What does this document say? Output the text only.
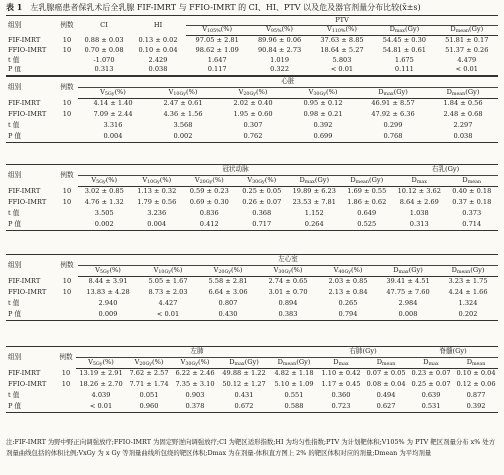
表 1 左乳腺癌患者保乳术后全乳腺 FIF-IMRT 与 FFIO-IMRT 的 CI、HI、PTV 以及危及器官剂量分布比较(x̄±s)
组别	例数	CI	HI	PTV				
				$V_{105\%}(\%)$	$V_{95\%}(\%)$	$V_{110\%}(\%)$	$D_{max}(Gy)$	$D_{mean}(Gy)$
FIF-IMRT	10	0.88 ± 0.03	0.13 ± 0.02	97.05 ± 2.81	89.96 ± 0.06	37.63 ± 8.85	54.45 ± 0.30	51.81 ± 0.17
FFIO-IMRT	10	0.70 ± 0.08	0.10 ± 0.04	98.62 ± 1.09	90.84 ± 2.73	18.64 ± 5.27	54.81 ± 0.61	51.37 ± 0.26
t 值		-1.070	2.429	1.647	1.019	5.803	1.675	4.479
P 值		0.313	0.038	0.117	0.322	< 0.01	0.111	< 0.01
组别	例数	心脏					
		$V_{5Gy}(\%)$	$V_{10Gy}(\%)$	$V_{20Gy}(\%)$	$V_{30Gy}(\%)$	$D_{max}(Gy)$	$D_{mean}(Gy)$
FIF-IMRT	10	4.14 ± 1.40	2.47 ± 0.61	2.02 ± 0.40	0.95 ± 0.12	46.91 ± 8.57	1.84 ± 0.56
FFIO-IMRT	10	7.09 ± 2.44	4.36 ± 1.56	1.95 ± 0.60	0.98 ± 0.21	47.92 ± 6.36	2.48 ± 0.68
t 值		3.316	3.568	0.307	0.392	0.299	2.297
P 值		0.004	0.002	0.762	0.699	0.768	0.038
组别	例数	冠状动脉						右乳(Gy)	
		$V_{5Gy}(\%)$	$V_{10Gy}(\%)$	$V_{20Gy}(\%)$	$V_{30Gy}(\%)$	$D_{max}(Gy)$	$D_{mean}(Gy)$	$D_{max}$	$D_{mean}$
FIF-IMRT	10	3.02 ± 0.85	1.13 ± 0.32	0.59 ± 0.23	0.25 ± 0.05	19.89 ± 6.23	1.69 ± 0.55	10.12 ± 3.62	0.40 ± 0.18
FFIO-IMRT	10	4.76 ± 1.32	1.79 ± 0.56	0.69 ± 0.30	0.26 ± 0.07	23.53 ± 7.81	1.86 ± 0.62	8.64 ± 2.69	0.37 ± 0.18
t 值		3.505	3.236	0.836	0.368	1.152	0.649	1.038	0.373
P 值		0.002	0.004	0.412	0.717	0.264	0.525	0.313	0.714
组别	例数	左心室						
		$V_{5Gy}(\%)$	$V_{10Gy}(\%)$	$V_{20Gy}(\%)$	$V_{30Gy}(\%)$	$V_{40Gy}(\%)$	$D_{max}(Gy)$	$D_{mean}(Gy)$
FIF-IMRT	10	8.44 ± 3.91	5.05 ± 1.67	5.58 ± 2.81	2.74 ± 0.65	2.03 ± 0.85	39.41 ± 4.51	3.23 ± 1.75
FFIO-IMRT	10	13.83 ± 4.28	8.73 ± 2.03	6.64 ± 3.06	3.01 ± 0.70	2.13 ± 0.84	47.75 ± 7.60	4.24 ± 1.66
t 值		2.940	4.427	0.807	0.894	0.265	2.984	1.324
P 值		0.009	< 0.01	0.430	0.383	0.794	0.008	0.202
组别	例数	左肺					右肺(Gy)		脊髓(Gy)	
		$V_{5Gy}(\%)$	$V_{20Gy}(\%)$	$V_{30Gy}(\%)$	$D_{max}(Gy)$	$D_{mean}(Gy)$	$D_{max}$	$D_{mean}$	$D_{max}$	$D_{mean}$
FIF-IMRT	10	13.19 ± 2.91	7.62 ± 2.57	6.22 ± 2.46	49.88 ± 1.22	4.82 ± 1.18	1.10 ± 0.42	0.07 ± 0.05	0.23 ± 0.07	0.10 ± 0.04
FFIO-IMRT	10	18.26 ± 2.70	7.71 ± 1.74	7.35 ± 3.10	50.12 ± 1.27	5.10 ± 1.09	1.17 ± 0.45	0.08 ± 0.04	0.25 ± 0.07	0.12 ± 0.06
t 值		4.039	0.051	0.903	0.431	0.551	0.360	0.494	0.639	0.877
P 值		< 0.01	0.960	0.378	0.672	0.588	0.723	0.627	0.531	0.392
注:FIF-IMRT 为野中野正向调强放疗;FFIO-IMRT 为固定野逆向调强放疗;CI 为靶区适形指数;HI 为均匀性指数;PTV 为计划靶体积;V105% 为 PTV 靶区剂量分布 x% 处方剂量曲线包括的体积比例;VxGy 为 x Gy 等剂量曲线所包绕的靶区体积;Dmax 为在剂量-体积直方图上 2% 的靶区体积对应的剂量;Dmean 为平均剂量
